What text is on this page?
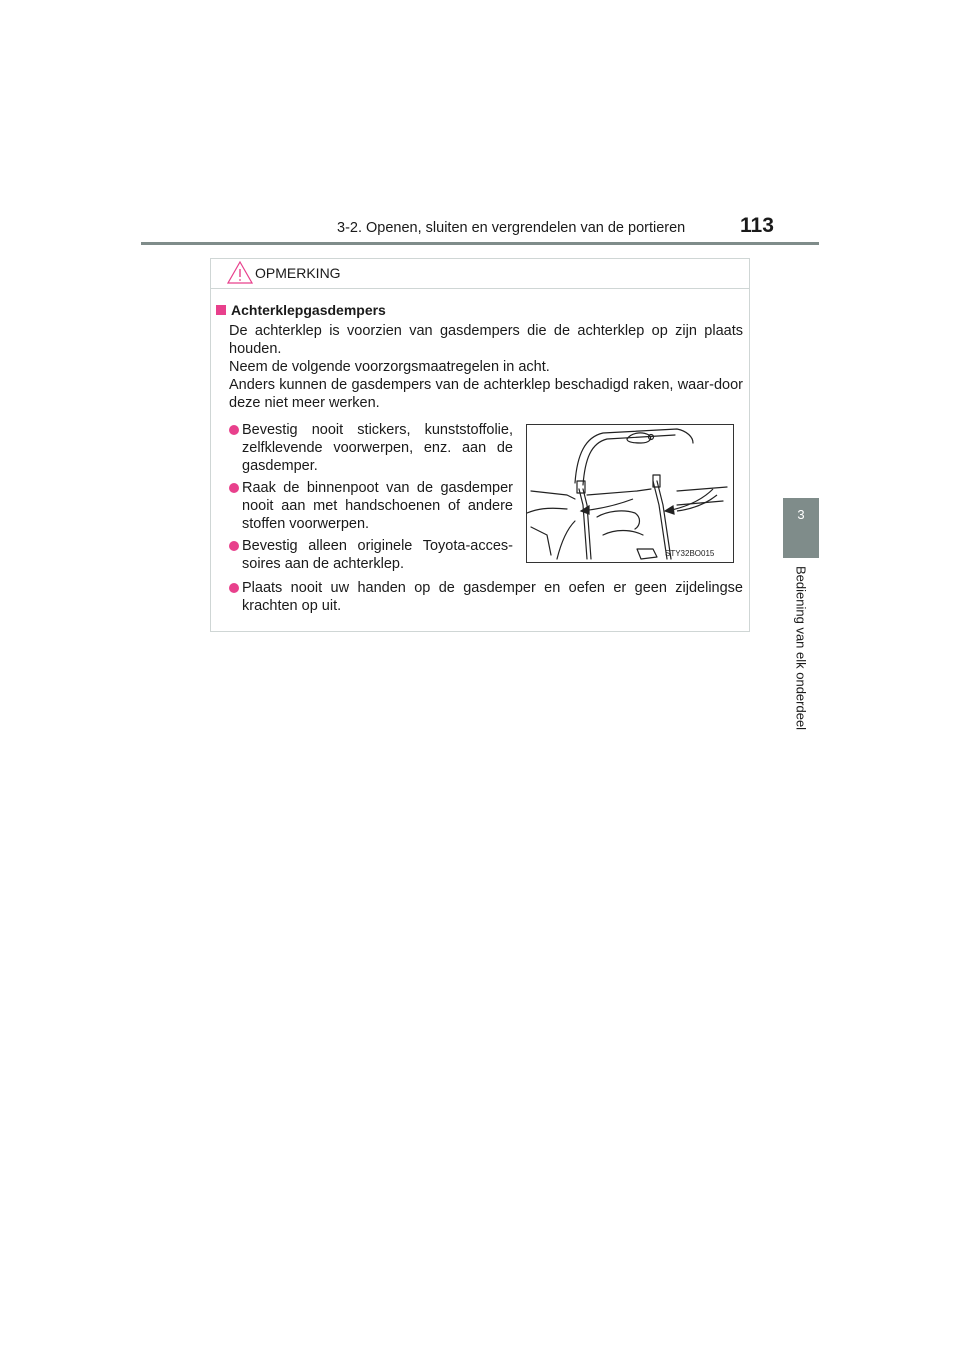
3-2. Openen, sluiten en vergrendelen van de portieren	113
3
Bediening van elk onderdeel
OPMERKING
Achterklepgasdempers
De achterklep is voorzien van gasdempers die de achterklep op zijn plaats houden.
Neem de volgende voorzorgsmaatregelen in acht.
Anders kunnen de gasdempers van de achterklep beschadigd raken, waar-door deze niet meer werken.
Bevestig nooit stickers, kunststoffolie, zelfklevende voorwerpen, enz. aan de gasdemper.
Raak de binnenpoot van de gasdemper nooit aan met handschoenen of andere stoffen voorwerpen.
Bevestig alleen originele Toyota-acces-soires aan de achterklep.
Plaats nooit uw handen op de gasdemper en oefen er geen zijdelingse krachten op uit.
STY32BO015
